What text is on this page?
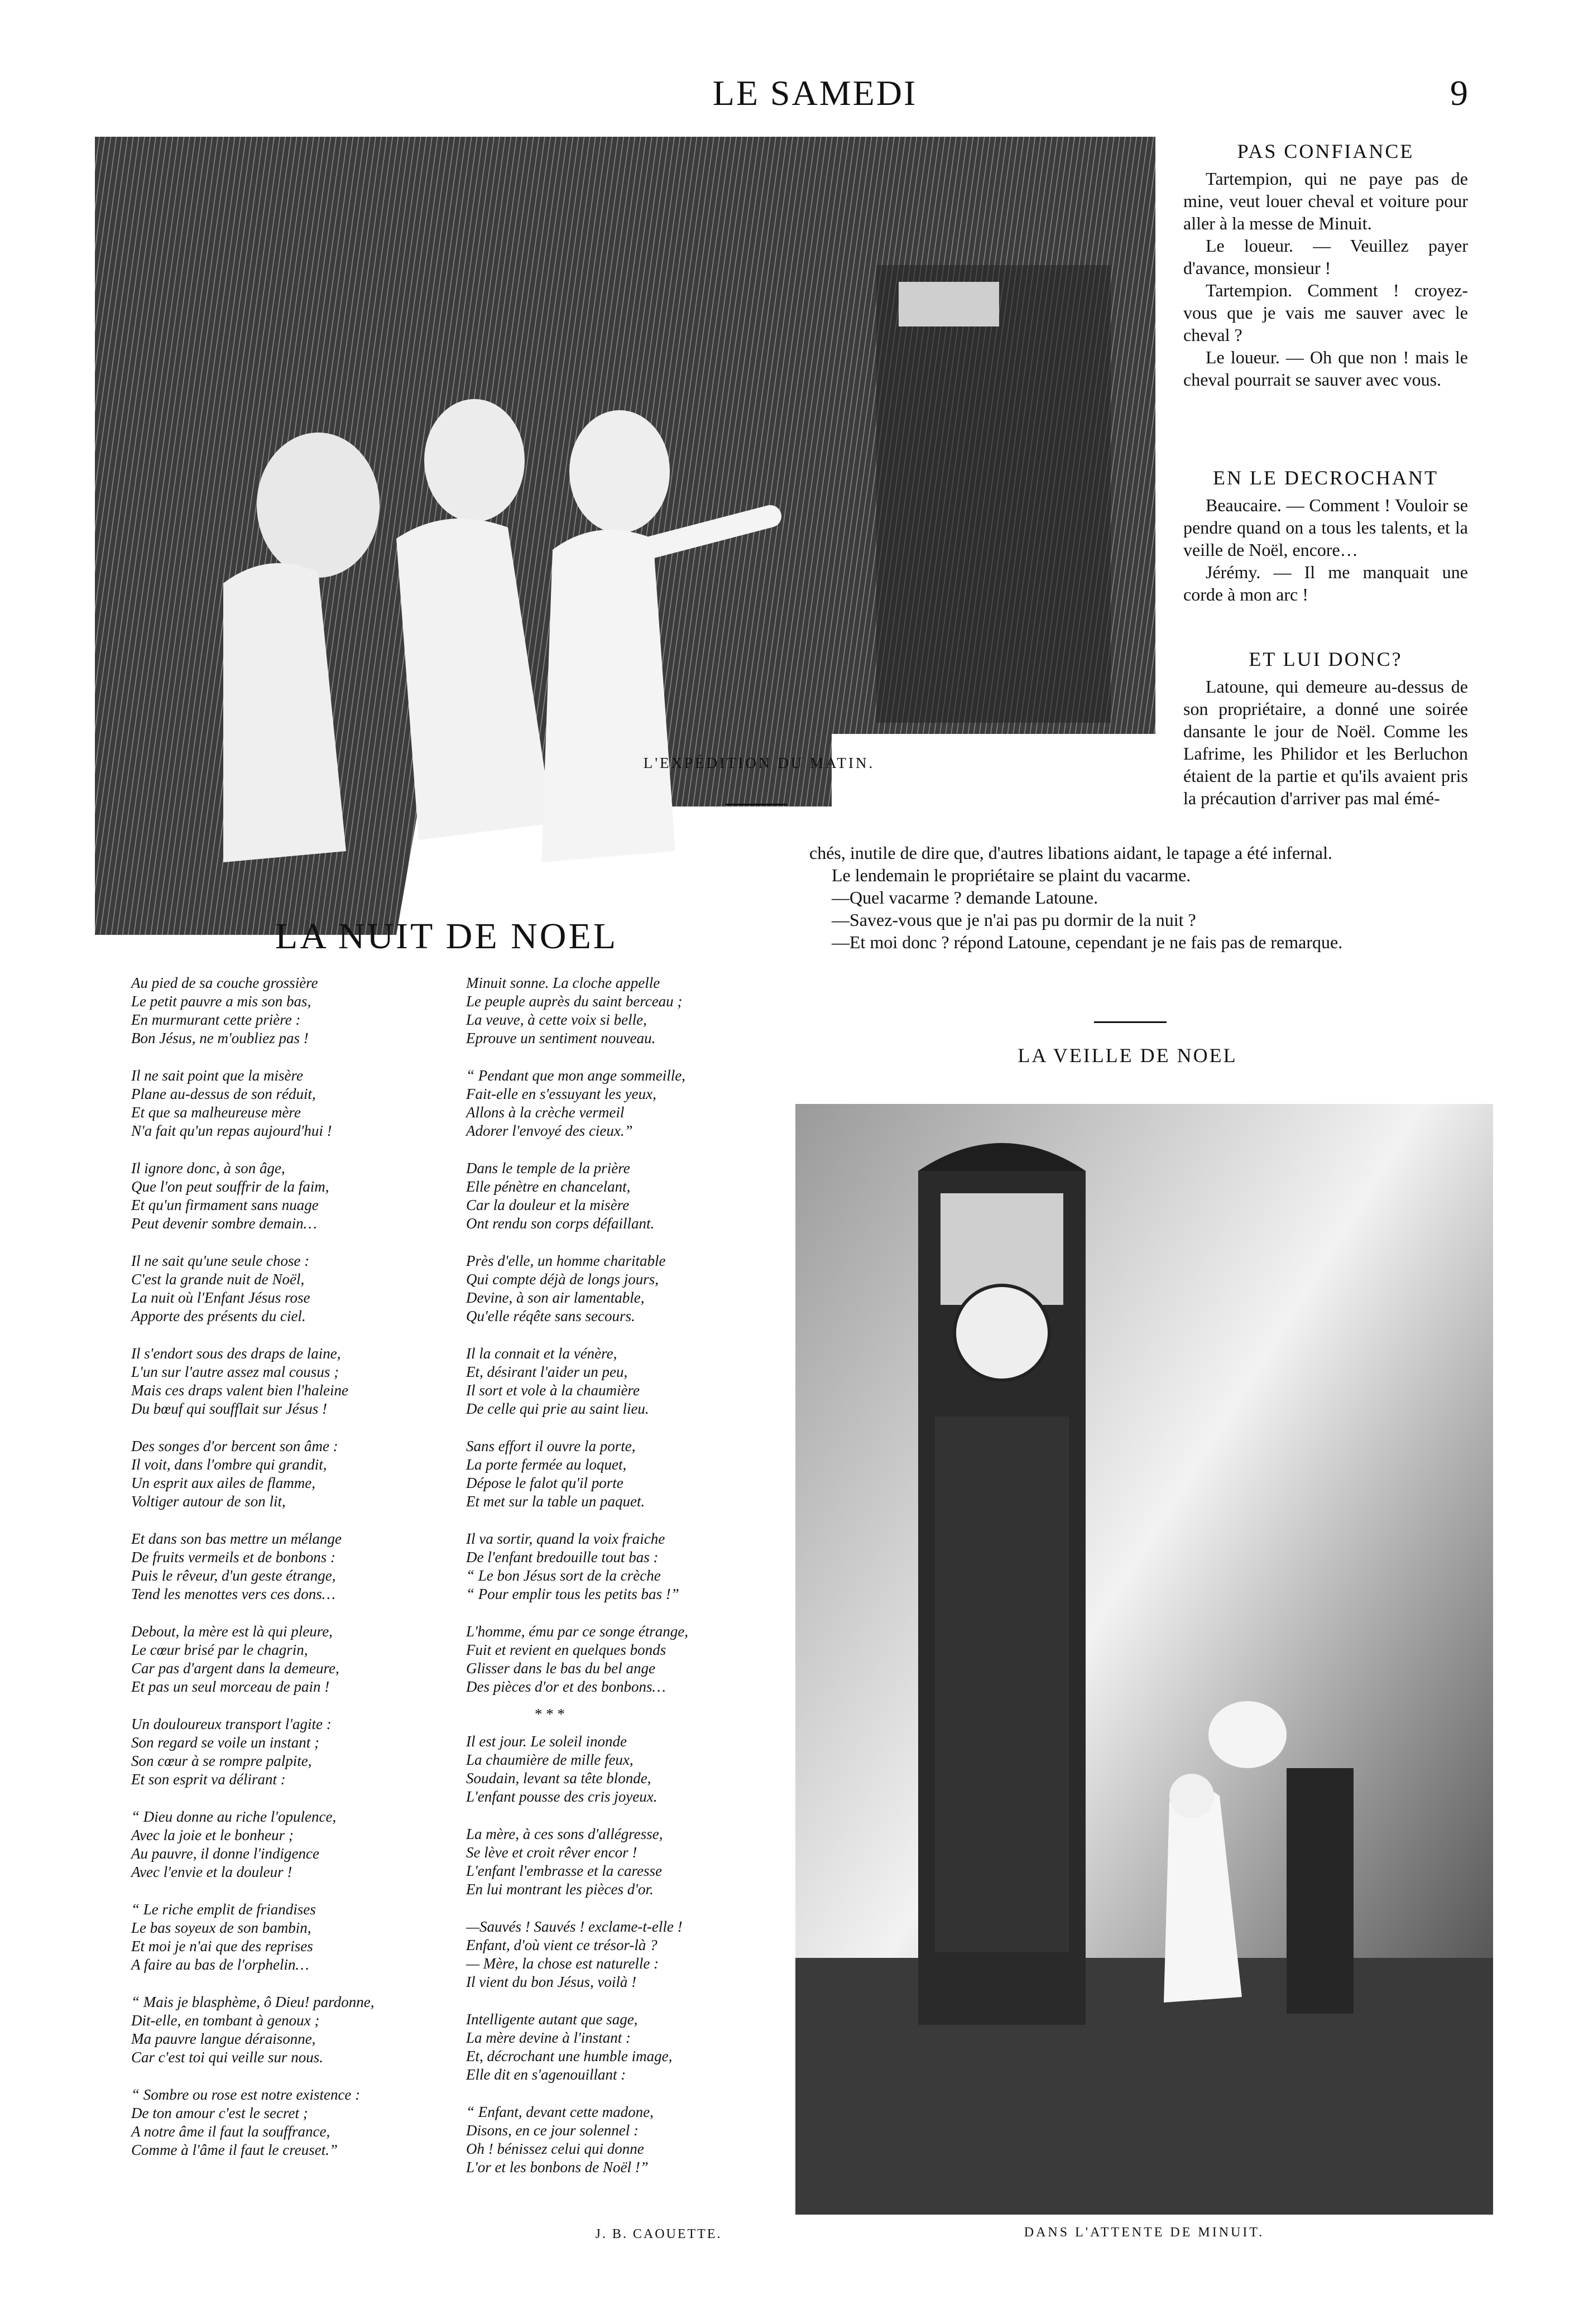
LE SAMEDI	9
L'EXPÉDITION DU MATIN.
PAS CONFIANCE

Tartempion, qui ne paye pas de mine, veut louer cheval et voiture pour aller à la messe de Minuit.

Le loueur. — Veuillez payer d'avance, monsieur !

Tartempion. Comment ! croyez-vous que je vais me sauver avec le cheval ?

Le loueur. — Oh que non ! mais le cheval pourrait se sauver avec vous.

EN LE DECROCHANT

Beaucaire. — Comment ! Vouloir se pendre quand on a tous les talents, et la veille de Noël, encore…

Jérémy. — Il me manquait une corde à mon arc !

ET LUI DONC?

Latoune, qui demeure au-dessus de son propriétaire, a donné une soirée dansante le jour de Noël. Comme les Lafrime, les Philidor et les Berluchon étaient de la partie et qu'ils avaient pris la précaution d'arriver pas mal émé-

chés, inutile de dire que, d'autres libations aidant, le tapage a été infernal.

Le lendemain le propriétaire se plaint du vacarme.

—Quel vacarme ? demande Latoune.

—Savez-vous que je n'ai pas pu dormir de la nuit ?

—Et moi donc ? répond Latoune, cependant je ne fais pas de remarque.

LA VEILLE DE NOEL
DANS L'ATTENTE DE MINUIT.
LA NUIT DE NOEL
Au pied de sa couche grossière
Le petit pauvre a mis son bas,
En murmurant cette prière :
Bon Jésus, ne m'oubliez pas !
Il ne sait point que la misère
Plane au-dessus de son réduit,
Et que sa malheureuse mère
N'a fait qu'un repas aujourd'hui !
Il ignore donc, à son âge,
Que l'on peut souffrir de la faim,
Et qu'un firmament sans nuage
Peut devenir sombre demain…
Il ne sait qu'une seule chose :
C'est la grande nuit de Noël,
La nuit où l'Enfant Jésus rose
Apporte des présents du ciel.
Il s'endort sous des draps de laine,
L'un sur l'autre assez mal cousus ;
Mais ces draps valent bien l'haleine
Du bœuf qui soufflait sur Jésus !
Des songes d'or bercent son âme :
Il voit, dans l'ombre qui grandit,
Un esprit aux ailes de flamme,
Voltiger autour de son lit,
Et dans son bas mettre un mélange
De fruits vermeils et de bonbons :
Puis le rêveur, d'un geste étrange,
Tend les menottes vers ces dons…
Debout, la mère est là qui pleure,
Le cœur brisé par le chagrin,
Car pas d'argent dans la demeure,
Et pas un seul morceau de pain !
Un douloureux transport l'agite :
Son regard se voile un instant ;
Son cœur à se rompre palpite,
Et son esprit va délirant :
“ Dieu donne au riche l'opulence,
Avec la joie et le bonheur ;
Au pauvre, il donne l'indigence
Avec l'envie et la douleur !
“ Le riche emplit de friandises
Le bas soyeux de son bambin,
Et moi je n'ai que des reprises
A faire au bas de l'orphelin…
“ Mais je blasphème, ô Dieu! pardonne,
Dit-elle, en tombant à genoux ;
Ma pauvre langue déraisonne,
Car c'est toi qui veille sur nous.
“ Sombre ou rose est notre existence :
De ton amour c'est le secret ;
A notre âme il faut la souffrance,
Comme à l'âme il faut le creuset.”
Minuit sonne. La cloche appelle
Le peuple auprès du saint berceau ;
La veuve, à cette voix si belle,
Eprouve un sentiment nouveau.
“ Pendant que mon ange sommeille,
Fait-elle en s'essuyant les yeux,
Allons à la crèche vermeil
Adorer l'envoyé des cieux.”
Dans le temple de la prière
Elle pénètre en chancelant,
Car la douleur et la misère
Ont rendu son corps défaillant.
Près d'elle, un homme charitable
Qui compte déjà de longs jours,
Devine, à son air lamentable,
Qu'elle réqête sans secours.
Il la connait et la vénère,
Et, désirant l'aider un peu,
Il sort et vole à la chaumière
De celle qui prie au saint lieu.
Sans effort il ouvre la porte,
La porte fermée au loquet,
Dépose le falot qu'il porte
Et met sur la table un paquet.
Il va sortir, quand la voix fraiche
De l'enfant bredouille tout bas :
“ Le bon Jésus sort de la crèche
“ Pour emplir tous les petits bas !”
L'homme, ému par ce songe étrange,
Fuit et revient en quelques bonds
Glisser dans le bas du bel ange
Des pièces d'or et des bonbons…
* * *
Il est jour. Le soleil inonde
La chaumière de mille feux,
Soudain, levant sa tête blonde,
L'enfant pousse des cris joyeux.
La mère, à ces sons d'allégresse,
Se lève et croit rêver encor !
L'enfant l'embrasse et la caresse
En lui montrant les pièces d'or.
—Sauvés ! Sauvés ! exclame-t-elle !
Enfant, d'où vient ce trésor-là ?
— Mère, la chose est naturelle :
Il vient du bon Jésus, voilà !
Intelligente autant que sage,
La mère devine à l'instant :
Et, décrochant une humble image,
Elle dit en s'agenouillant :
“ Enfant, devant cette madone,
Disons, en ce jour solennel :
Oh ! bénissez celui qui donne
L'or et les bonbons de Noël !”
J. B. CAOUETTE.
